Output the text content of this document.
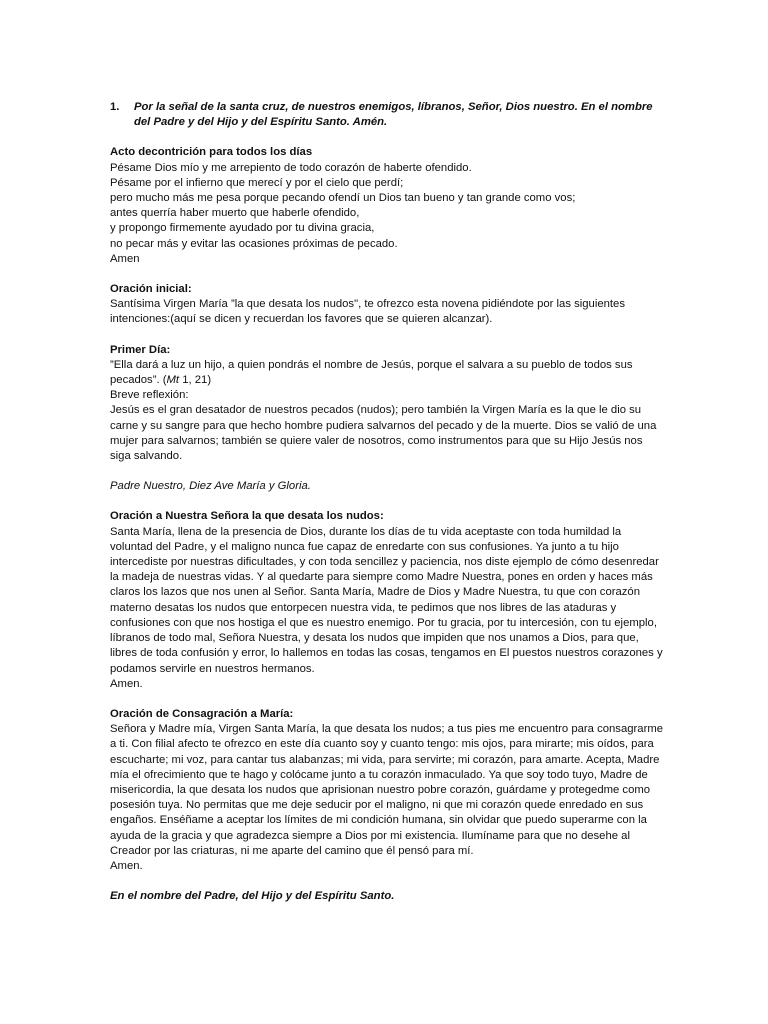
1. Por la señal de la santa cruz, de nuestros enemigos, líbranos, Señor, Dios nuestro. En el nombre del Padre y del Hijo y del Espíritu Santo. Amén.

Acto decontrición para todos los días

Pésame Dios mío y me arrepiento de todo corazón de haberte ofendido.
Pésame por el infierno que merecí y por el cielo que perdí;
pero mucho más me pesa porque pecando ofendí un Dios tan bueno y tan grande como vos;
antes querría haber muerto que haberle ofendido,
y propongo firmemente ayudado por tu divina gracia,
no pecar más y evitar las ocasiones próximas de pecado.
Amen

Oración inicial:

Santísima Virgen María ”la que desata los nudos", te ofrezco esta novena pidiéndote por las siguientes intenciones:(aquí se dicen y recuerdan los favores que se quieren alcanzar).

Primer Día:

”Ella dará a luz un hijo, a quien pondrás el nombre de Jesús, porque el salvara a su pueblo de todos sus pecados”. (Mt 1, 21)

Breve reflexión:

Jesús es el gran desatador de nuestros pecados (nudos); pero también la Virgen María es la que le dio su carne y su sangre para que hecho hombre pudiera salvarnos del pecado y de la muerte. Dios se valió de una mujer para salvarnos; también se quiere valer de nosotros, como instrumentos para que su Hijo Jesús nos siga salvando.

Padre Nuestro, Diez Ave María y Gloria.

Oración a Nuestra Señora la que desata los nudos:

Santa María, llena de la presencia de Dios, durante los días de tu vida aceptaste con toda humildad la voluntad del Padre, y el maligno nunca fue capaz de enredarte con sus confusiones. Ya junto a tu hijo intercediste por nuestras dificultades, y con toda sencillez y paciencia, nos diste ejemplo de cómo desenredar la madeja de nuestras vidas. Y al quedarte para siempre como Madre Nuestra, pones en orden y haces más claros los lazos que nos unen al Señor. Santa María, Madre de Dios y Madre Nuestra, tu que con corazón materno desatas los nudos que entorpecen nuestra vida, te pedimos que nos libres de las ataduras y confusiones con que nos hostiga el que es nuestro enemigo. Por tu gracia, por tu intercesión, con tu ejemplo, líbranos de todo mal, Señora Nuestra, y desata los nudos que impiden que nos unamos a Dios, para que, libres de toda confusión y error, lo hallemos en todas las cosas, tengamos en El puestos nuestros corazones y podamos servirle en nuestros hermanos.

Amen.

Oración de Consagración a María:

Señora y Madre mía, Virgen Santa María, la que desata los nudos; a tus pies me encuentro para consagrarme a ti. Con filial afecto te ofrezco en este día cuanto soy y cuanto tengo: mis ojos, para mirarte; mis oídos, para escucharte; mi voz, para cantar tus alabanzas; mi vida, para servirte; mi corazón, para amarte. Acepta, Madre mía el ofrecimiento que te hago y colócame junto a tu corazón inmaculado. Ya que soy todo tuyo, Madre de misericordia, la que desata los nudos que aprisionan nuestro pobre corazón, guárdame y protegedme como posesión tuya. No permitas que me deje seducir por el maligno, ni que mi corazón quede enredado en sus engaños. Enséñame a aceptar los límites de mi condición humana, sin olvidar que puedo superarme con la ayuda de la gracia y que agradezca siempre a Dios por mi existencia. Ilumíname para que no desehe al Creador por las criaturas, ni me aparte del camino que él pensó para mí.

Amen.

En el nombre del Padre, del Hijo y del Espíritu Santo.
